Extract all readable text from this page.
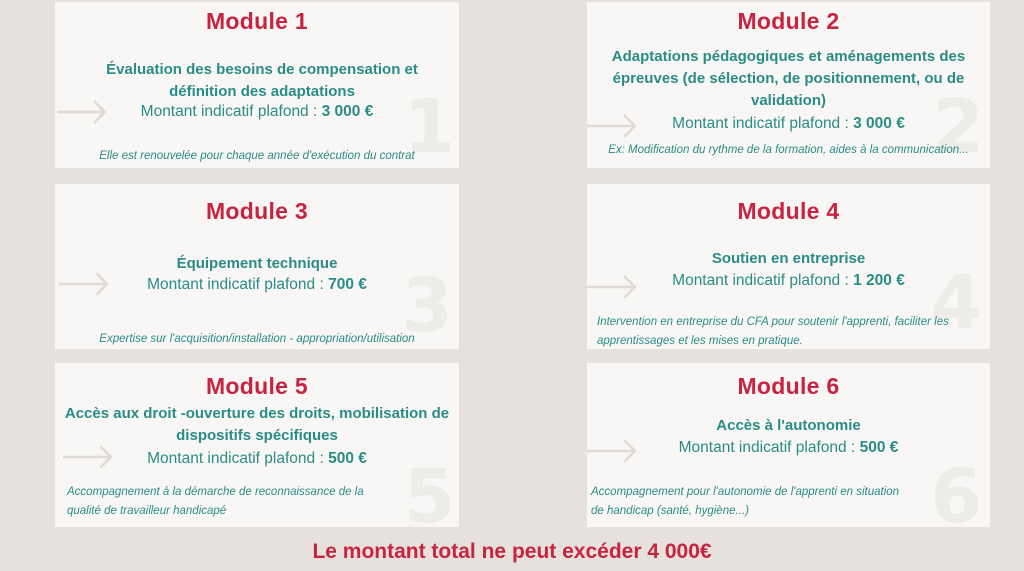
1
Module 1
Évaluation des besoins de compensation et définition des adaptations
Montant indicatif plafond : 3 000 €
Elle est renouvelée pour chaque année d'exécution du contrat	2
Module 2
Adaptations pédagogiques et aménagements des épreuves (de sélection, de positionnement, ou de validation)
Montant indicatif plafond : 3 000 €
Ex: Modification du rythme de la formation, aides à la communication...
3
Module 3
Équipement technique
Montant indicatif plafond : 700 €
Expertise sur l'acquisition/installation - appropriation/utilisation	4
Module 4
Soutien en entreprise
Montant indicatif plafond : 1 200 €
Intervention en entreprise du CFA pour soutenir l'apprenti, faciliter les apprentissages et les mises en pratique.
5
Module 5
Accès aux droit -ouverture des droits, mobilisation de dispositifs spécifiques
Montant indicatif plafond : 500 €
Accompagnement à la démarche de reconnaissance de la qualité de travailleur handicapé	6
Module 6
Accès à l'autonomie
Montant indicatif plafond : 500 €
Accompagnement pour l'autonomie de l'apprenti en situation de handicap (santé, hygiène...)
Le montant total ne peut excéder 4 000€
